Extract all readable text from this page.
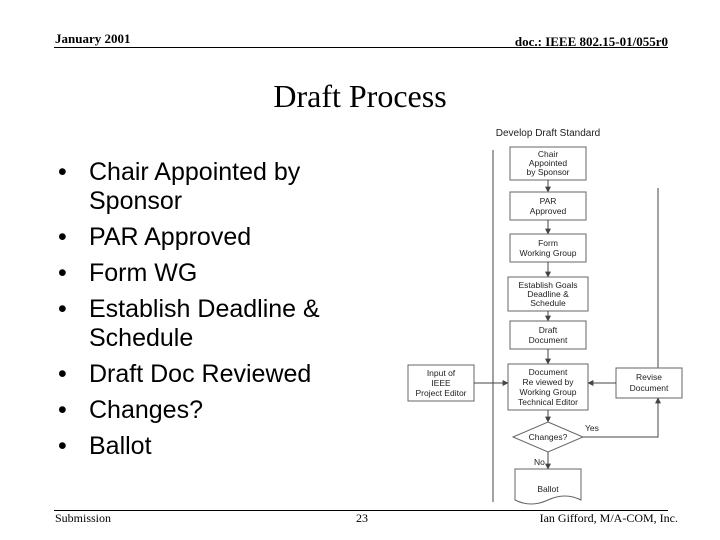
January 2001	doc.: IEEE 802.15-01/055r0
Draft Process
• Chair Appointed by Sponsor
• PAR Approved
• Form WG
• Establish Deadline & Schedule
• Draft Doc Reviewed
• Changes?
• Ballot
Develop Draft Standard
Chair
Appointed
by Sponsor
PAR
Approved
Form
Working Group
Establish Goals
Deadline &
Schedule
Draft
Document
Document
Re viewed by
Working Group
Technical Editor
Input of
IEEE
Project Editor
Revise
Document
Changes?
Yes
No
Ballot
Submission	23	Ian Gifford, M/A-COM, Inc.
